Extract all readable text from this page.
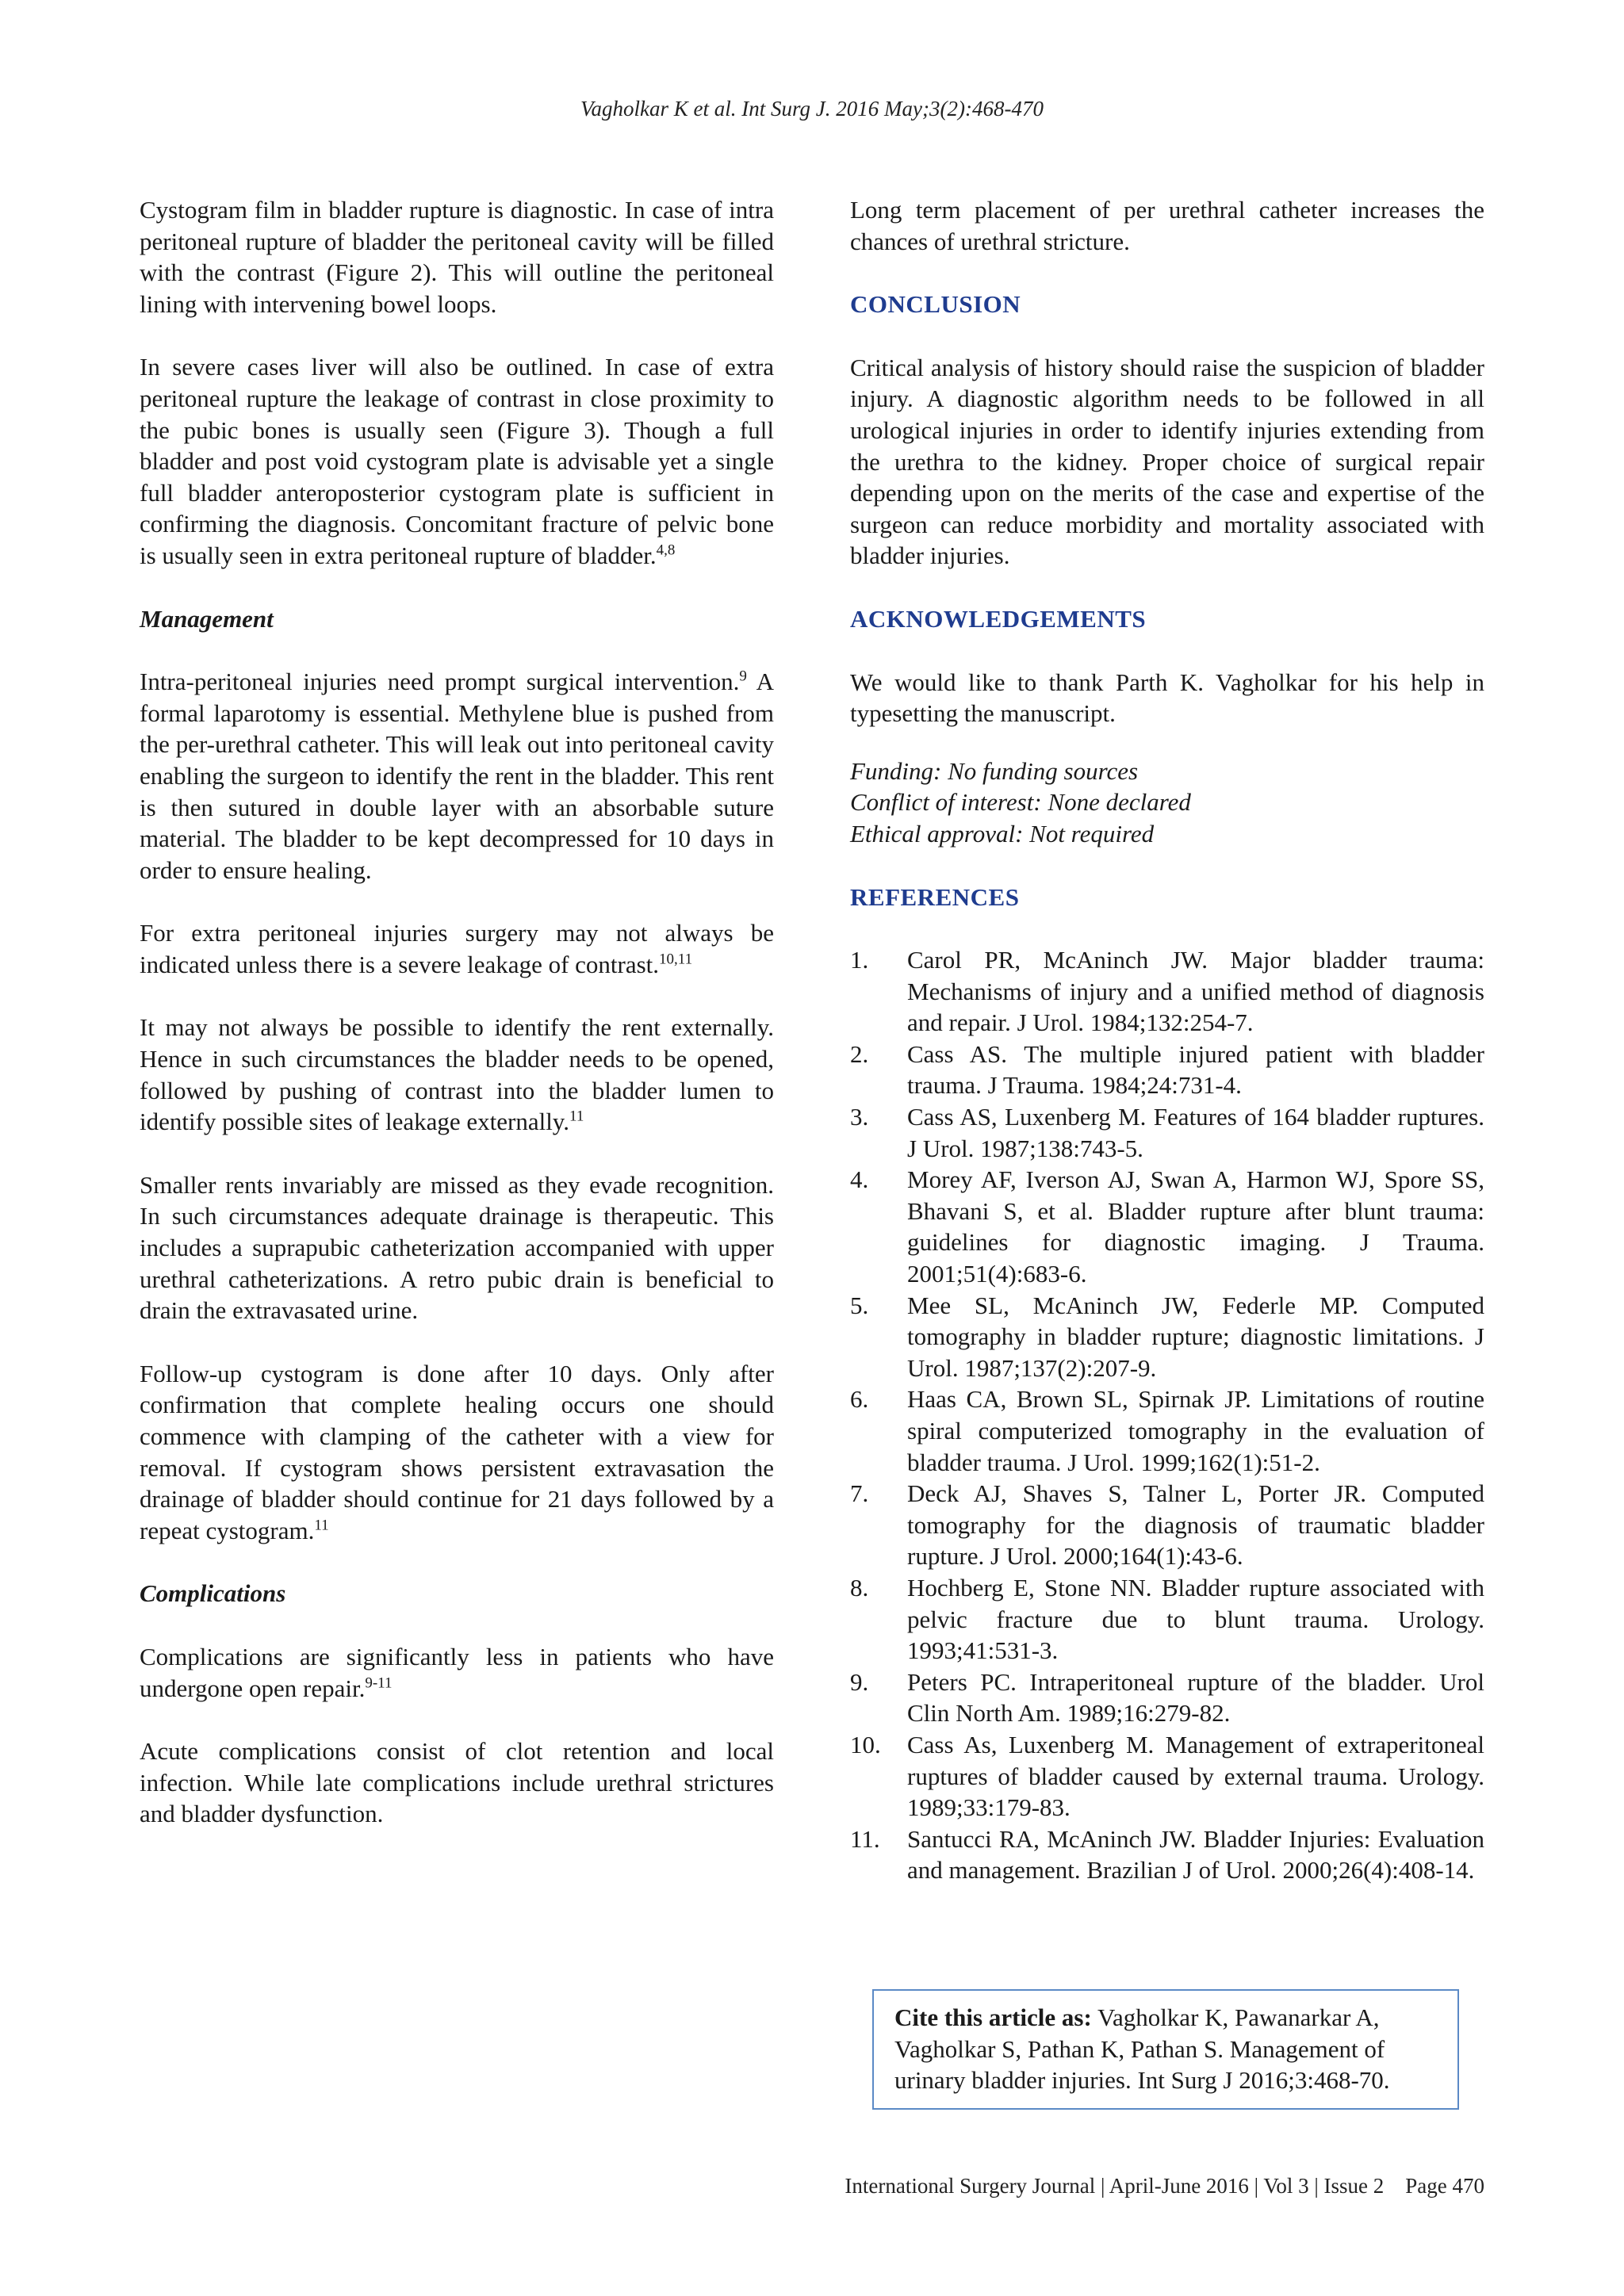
Vagholkar K et al. Int Surg J. 2016 May;3(2):468-470

Cystogram film in bladder rupture is diagnostic. In case of intra peritoneal rupture of bladder the peritoneal cavity will be filled with the contrast (Figure 2). This will outline the peritoneal lining with intervening bowel loops.

In severe cases liver will also be outlined. In case of extra peritoneal rupture the leakage of contrast in close proximity to the pubic bones is usually seen (Figure 3). Though a full bladder and post void cystogram plate is advisable yet a single full bladder anteroposterior cystogram plate is sufficient in confirming the diagnosis. Concomitant fracture of pelvic bone is usually seen in extra peritoneal rupture of bladder.$^{4,8}$

Management

Intra-peritoneal injuries need prompt surgical intervention.$^9$ A formal laparotomy is essential. Methylene blue is pushed from the per-urethral catheter. This will leak out into peritoneal cavity enabling the surgeon to identify the rent in the bladder. This rent is then sutured in double layer with an absorbable suture material. The bladder to be kept decompressed for 10 days in order to ensure healing.

For extra peritoneal injuries surgery may not always be indicated unless there is a severe leakage of contrast.$^{10,11}$

It may not always be possible to identify the rent externally. Hence in such circumstances the bladder needs to be opened, followed by pushing of contrast into the bladder lumen to identify possible sites of leakage externally.$^{11}$

Smaller rents invariably are missed as they evade recognition. In such circumstances adequate drainage is therapeutic. This includes a suprapubic catheterization accompanied with upper urethral catheterizations. A retro pubic drain is beneficial to drain the extravasated urine.

Follow-up cystogram is done after 10 days. Only after confirmation that complete healing occurs one should commence with clamping of the catheter with a view for removal. If cystogram shows persistent extravasation the drainage of bladder should continue for 21 days followed by a repeat cystogram.$^{11}$

Complications

Complications are significantly less in patients who have undergone open repair.$^{9-11}$

Acute complications consist of clot retention and local infection. While late complications include urethral strictures and bladder dysfunction.

Long term placement of per urethral catheter increases the chances of urethral stricture.

CONCLUSION

Critical analysis of history should raise the suspicion of bladder injury. A diagnostic algorithm needs to be followed in all urological injuries in order to identify injuries extending from the urethra to the kidney. Proper choice of surgical repair depending upon on the merits of the case and expertise of the surgeon can reduce morbidity and mortality associated with bladder injuries.

ACKNOWLEDGEMENTS

We would like to thank Parth K. Vagholkar for his help in typesetting the manuscript.

Funding: No funding sources

Conflict of interest: None declared

Ethical approval: Not required

REFERENCES

1. Carol PR, McAninch JW. Major bladder trauma: Mechanisms of injury and a unified method of diagnosis and repair. J Urol. 1984;132:254-7.
2. Cass AS. The multiple injured patient with bladder trauma. J Trauma. 1984;24:731-4.
3. Cass AS, Luxenberg M. Features of 164 bladder ruptures. J Urol. 1987;138:743-5.
4. Morey AF, Iverson AJ, Swan A, Harmon WJ, Spore SS, Bhavani S, et al. Bladder rupture after blunt trauma: guidelines for diagnostic imaging. J Trauma. 2001;51(4):683-6.
5. Mee SL, McAninch JW, Federle MP. Computed tomography in bladder rupture; diagnostic limitations. J Urol. 1987;137(2):207-9.
6. Haas CA, Brown SL, Spirnak JP. Limitations of routine spiral computerized tomography in the evaluation of bladder trauma. J Urol. 1999;162(1):51-2.
7. Deck AJ, Shaves S, Talner L, Porter JR. Computed tomography for the diagnosis of traumatic bladder rupture. J Urol. 2000;164(1):43-6.
8. Hochberg E, Stone NN. Bladder rupture associated with pelvic fracture due to blunt trauma. Urology. 1993;41:531-3.
9. Peters PC. Intraperitoneal rupture of the bladder. Urol Clin North Am. 1989;16:279-82.
10. Cass As, Luxenberg M. Management of extraperitoneal ruptures of bladder caused by external trauma. Urology. 1989;33:179-83.
11. Santucci RA, McAninch JW. Bladder Injuries: Evaluation and management. Brazilian J of Urol. 2000;26(4):408-14.
Cite this article as: Vagholkar K, Pawanarkar A, Vagholkar S, Pathan K, Pathan S. Management of urinary bladder injuries. Int Surg J 2016;3:468-70.
International Surgery Journal | April-June 2016 | Vol 3 | Issue 2    Page 470
